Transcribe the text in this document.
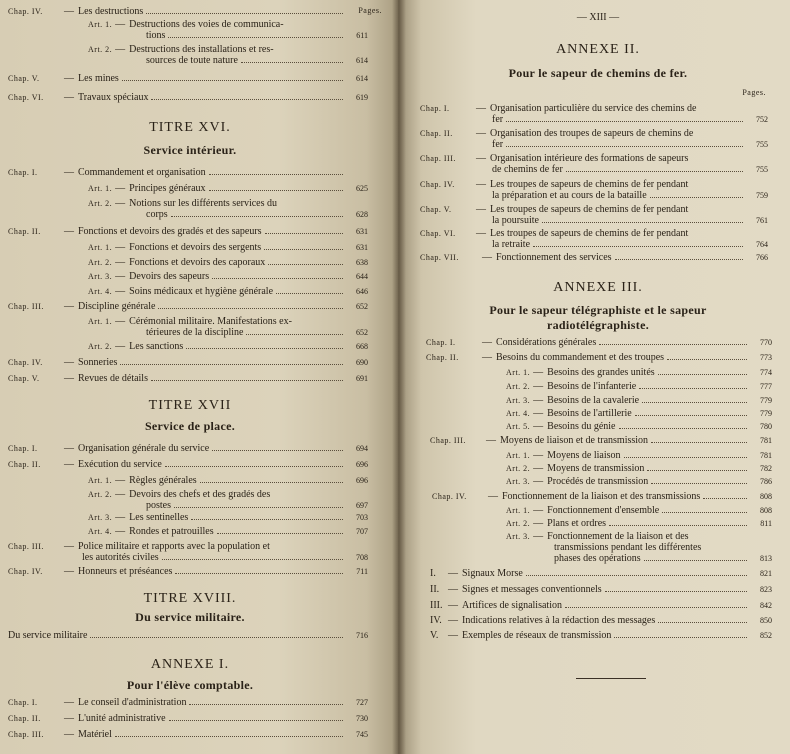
Pages.
Chap. IV.	— Les destructions
Art. 1. — Destructions des voies de communica-
tions	611
Art. 2. — Destructions des installations et res-
sources de toute nature	614
Chap. V.	— Les mines	614
Chap. VI.	— Travaux spéciaux	619
TITRE XVI.
Service intérieur.
Chap. I.	— Commandement et organisation
Art. 1. — Principes généraux	625
Art. 2. — Notions sur les différents services du
corps	628
Chap. II.	— Fonctions et devoirs des gradés et des sapeurs	631
Art. 1. — Fonctions et devoirs des sergents	631
Art. 2. — Fonctions et devoirs des caporaux	638
Art. 3. — Devoirs des sapeurs	644
Art. 4. — Soins médicaux et hygiène générale	646
Chap. III.	— Discipline générale	652
Art. 1. — Cérémonial militaire. Manifestations ex-
térieures de la discipline	652
Art. 2. — Les sanctions	668
Chap. IV.	— Sonneries	690
Chap. V.	— Revues de détails	691
TITRE XVII
Service de place.
Chap. I.	— Organisation générale du service	694
Chap. II.	— Exécution du service	696
Art. 1. — Règles générales	696
Art. 2. — Devoirs des chefs et des gradés des
postes	697
Art. 3. — Les sentinelles	703
Art. 4. — Rondes et patrouilles	707
Chap. III.	— Police militaire et rapports avec la population et
les autorités civiles	708
Chap. IV.	— Honneurs et préséances	711
TITRE XVIII.
Du service militaire.
Du service militaire	716
ANNEXE I.
Pour l'élève comptable.
Chap. I.	— Le conseil d'administration	727
Chap. II.	— L'unité administrative	730
Chap. III.	— Matériel	745
— XIII —
ANNEXE II.
Pour le sapeur de chemins de fer.
Pages.
Chap. I.	— Organisation particulière du service des chemins de
fer	752
Chap. II.	— Organisation des troupes de sapeurs de chemins de
fer	755
Chap. III.	— Organisation intérieure des formations de sapeurs
de chemins de fer	755
Chap. IV.	— Les troupes de sapeurs de chemins de fer pendant
la préparation et au cours de la bataille	759
Chap. V.	— Les troupes de sapeurs de chemins de fer pendant
la poursuite	761
Chap. VI.	— Les troupes de sapeurs de chemins de fer pendant
la retraite	764
Chap. VII.	— Fonctionnement des services	766
ANNEXE III.
Pour le sapeur télégraphiste et le sapeur
radiotélégraphiste.
Chap. I.	— Considérations générales	770
Chap. II.	— Besoins du commandement et des troupes	773
Art. 1. — Besoins des grandes unités	774
Art. 2. — Besoins de l'infanterie	777
Art. 3. — Besoins de la cavalerie	779
Art. 4. — Besoins de l'artillerie	779
Art. 5. — Besoins du génie	780
Chap. III.	— Moyens de liaison et de transmission	781
Art. 1. — Moyens de liaison	781
Art. 2. — Moyens de transmission	782
Art. 3. — Procédés de transmission	786
Chap. IV.	— Fonctionnement de la liaison et des transmissions	808
Art. 1. — Fonctionnement d'ensemble	808
Art. 2. — Plans et ordres	811
Art. 3. — Fonctionnement de la liaison et des
transmissions pendant les différentes
phases des opérations	813
I.	— Signaux Morse	821
II. — Signes et messages conventionnels	823
III. — Artifices de signalisation	842
IV. — Indications relatives à la rédaction des messages	850
V. — Exemples de réseaux de transmission	852
